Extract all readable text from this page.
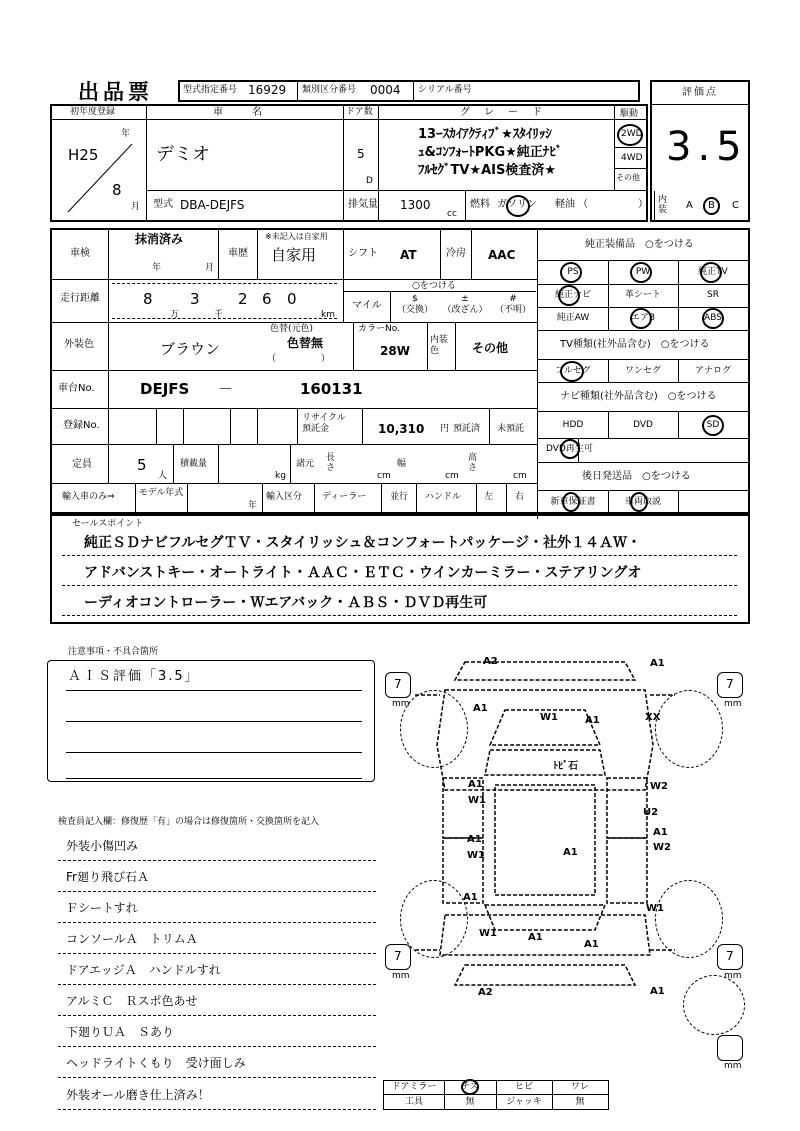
出品票	型式指定番号 16929 類別区分番号 0004 シリアル番号	評価点
3.5
初年度登録
H25
年
8
月
車　　名
デミオ
ドア数
5
D
グ　レ　ー　ド
13ｰｽｶｲｱｸﾃｨﾌﾞ★ｽﾀｲﾘｯｼ
ｭ&ｺﾝﾌｫｰﾄPKG★純正ﾅﾋﾞ
ﾌﾙｾｸﾞTV★AIS検査済★
駆動
2WD
4WD
その他
型式 DBA-DEJFS	排気量 1300
cc
燃料 ガソリン 軽油 （　　　　　） 内装 A B C
車検
抹消済み
年	月
車歴
※未記入は自家用
自家用	シフト AT	冷房 AAC
走行距離	8 3	2 6 0
万	千	km
○をつける
マイル
$
（交換）
±
（改ざん）
#
（不明）
外装色	ブラウン
色替(元色)
色替無
（　　　　　）
カラーNo.
28W
内装色	その他
車台No.	DEJFS －	160131
登録No.
リサイクル預託金	10,310 円 預託済 未預託
定員	5
人
積載量
kg
諸元
長さ
cm
幅
cm
高さ
cm
輸入車のみ⇒	モデル年式
年
輸入区分 ディーラー	並行 ハンドル	左 右
純正装備品　○をつける
PS	PW	純正TV
純正ナビ	革シート	SR
純正AW	エアB	ABS
TV種類(社外品含む)　○をつける
フルセグ	ワンセグ	アナログ
ナビ種類(社外品含む)　○をつける
HDD	DVD	SD
DVD再生可
後日発送品　○をつける
新車保証書	車両取説
セールスポイント
純正ＳＤナビフルセグＴＶ・スタイリッシュ＆コンフォートパッケージ・社外１４ＡＷ・
アドバンストキー・オートライト・ＡＡＣ・ＥＴＣ・ウインカーミラー・ステアリングオ
ーディオコントローラー・Ｗエアバック・ＡＢＳ・ＤＶＤ再生可
注意事項・不具合箇所
ＡＩＳ評価「3.5」
検査員記入欄：修復歴「有」の場合は修復箇所・交換箇所を記入
外装小傷凹み
Fr廻り飛び石Ａ
Ｆシートすれ
コンソールＡ　トリムＡ
ドアエッジＡ　ハンドルすれ
アルミＣ　Ｒスポ色あせ
下廻りＵＡ　Ｓあり
ヘッドライトくもり　受け面しみ
外装オール磨き仕上済み！
7
mm
7
mm
7
mm
7
mm
mm
A2	A1
A1
W1	A1	XX
ﾄﾋﾞ石
A1
W1
W2
U2
A1
A1
W1	A1	W2
A1
W1
W1	A1
A1
A2	A1
ドアミラー	チズ	ヒビ	ワレ
工具	無	ジャッキ	無
